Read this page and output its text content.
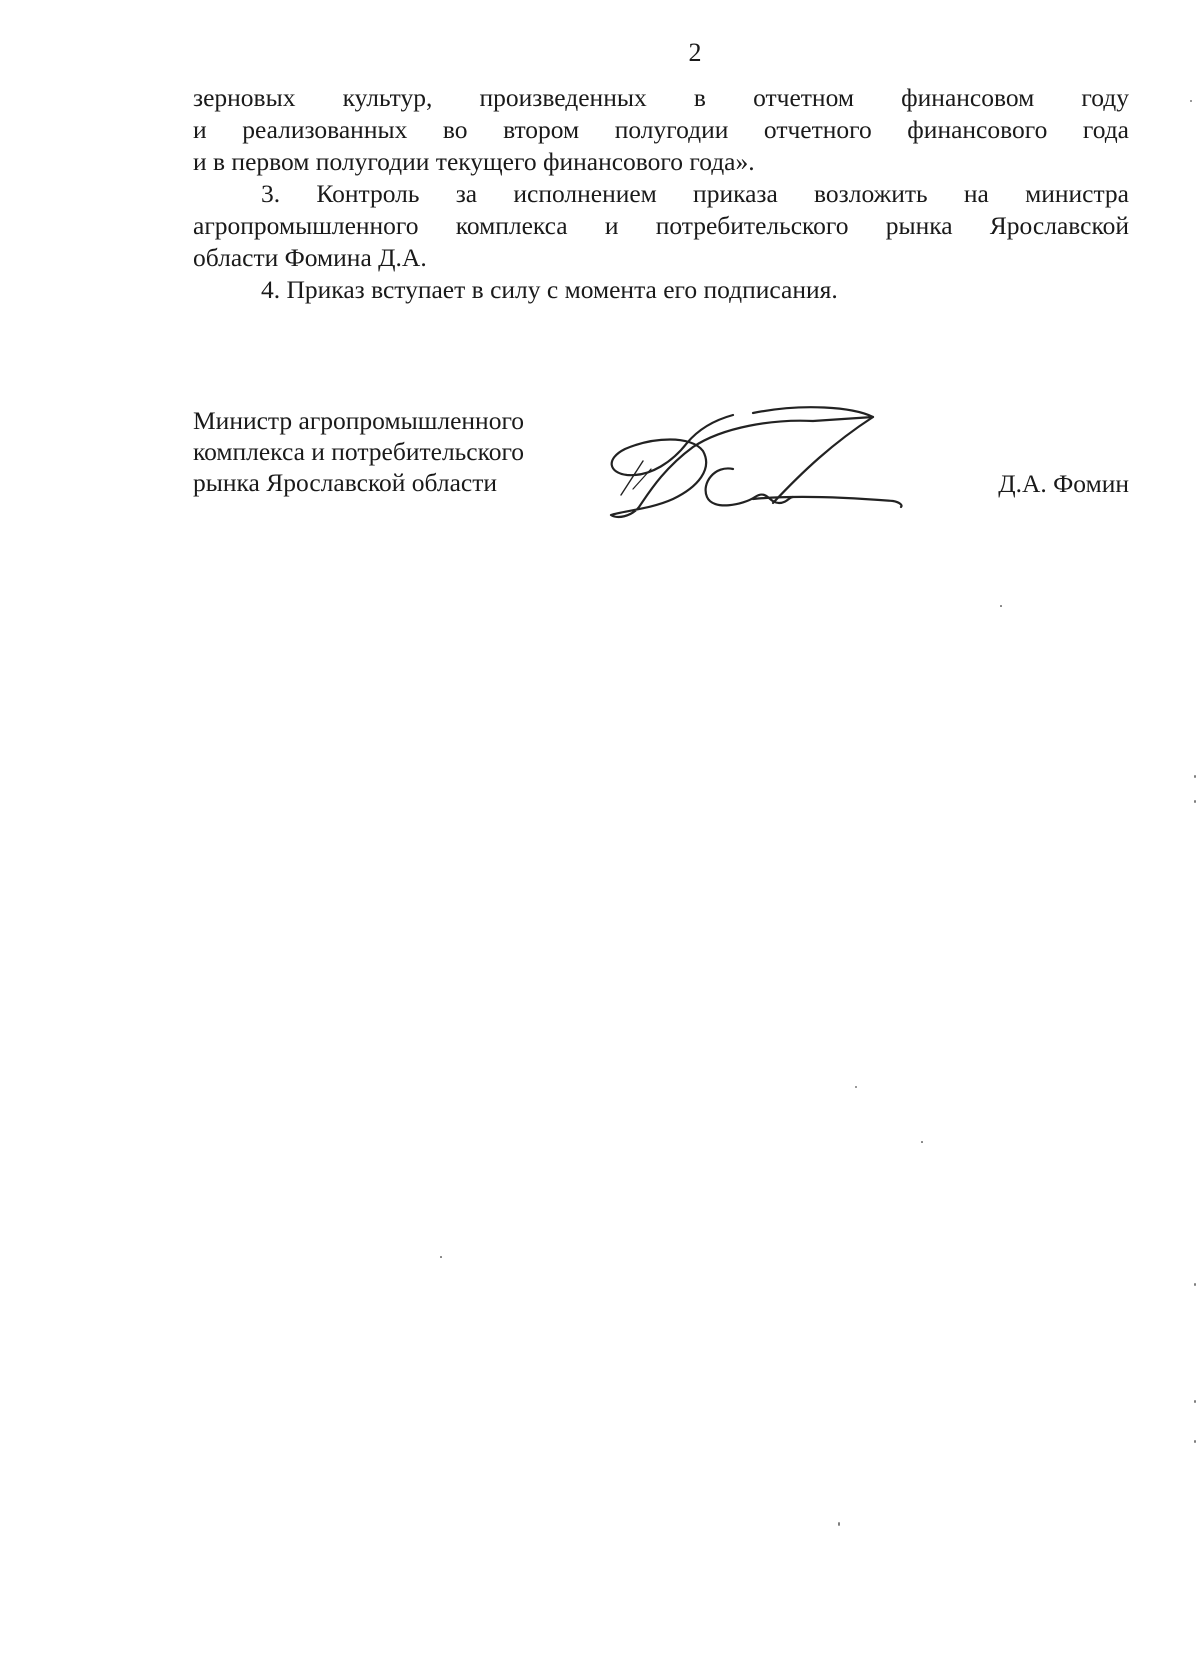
2

зерновых культур, произведенных в отчетном финансовом году
и реализованных во втором полугодии отчетного финансового года
и в первом полугодии текущего финансового года».

3. Контроль за исполнением приказа возложить на министра
агропромышленного комплекса и потребительского рынка Ярославской
области Фомина Д.А.

4. Приказ вступает в силу с момента его подписания.

Министр агропромышленного
комплекса и потребительского
рынка Ярославской области	Д.А. Фомин
